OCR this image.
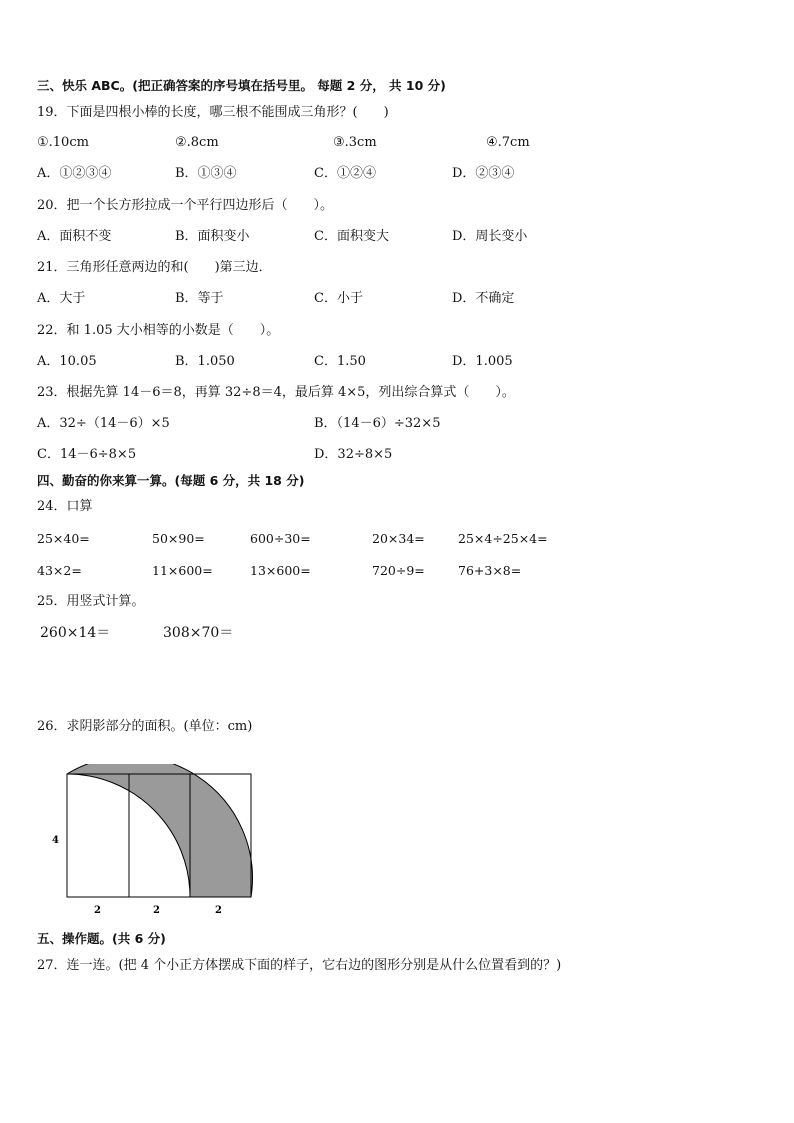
三、快乐 ABC。(把正确答案的序号填在括号里。 每题 2 分， 共 10 分)
19．下面是四根小棒的长度，哪三根不能围成三角形？(　　)
①.10cm	②.8cm	③.3cm	④.7cm
A．①②③④	B．①③④	C．①②④	D．②③④
20．把一个长方形拉成一个平行四边形后（　　）。
A．面积不变	B．面积变小	C．面积变大	D．周长变小
21．三角形任意两边的和(　　)第三边．
A．大于	B．等于	C．小于	D．不确定
22．和 1.05 大小相等的小数是（　　）。
A．10.05	B．1.050	C．1.50	D．1.005
23．根据先算 14－6＝8，再算 32÷8＝4，最后算 4×5，列出综合算式（　　）。
A．32÷（14－6）×5	B．（14－6）÷32×5
C．14－6÷8×5	D．32÷8×5
四、勤奋的你来算一算。(每题 6 分，共 18 分)
24．口算
25×40=	50×90=	600÷30=	20×34=	25×4÷25×4=
43×2=	11×600=	13×600=	720÷9=	76+3×8=
25．用竖式计算。
260×14＝	308×70＝
26．求阴影部分的面积。(单位：cm)
4
2	2	2
五、操作题。(共 6 分)
27．连一连。(把 4 个小正方体摆成下面的样子，它右边的图形分别是从什么位置看到的？)
